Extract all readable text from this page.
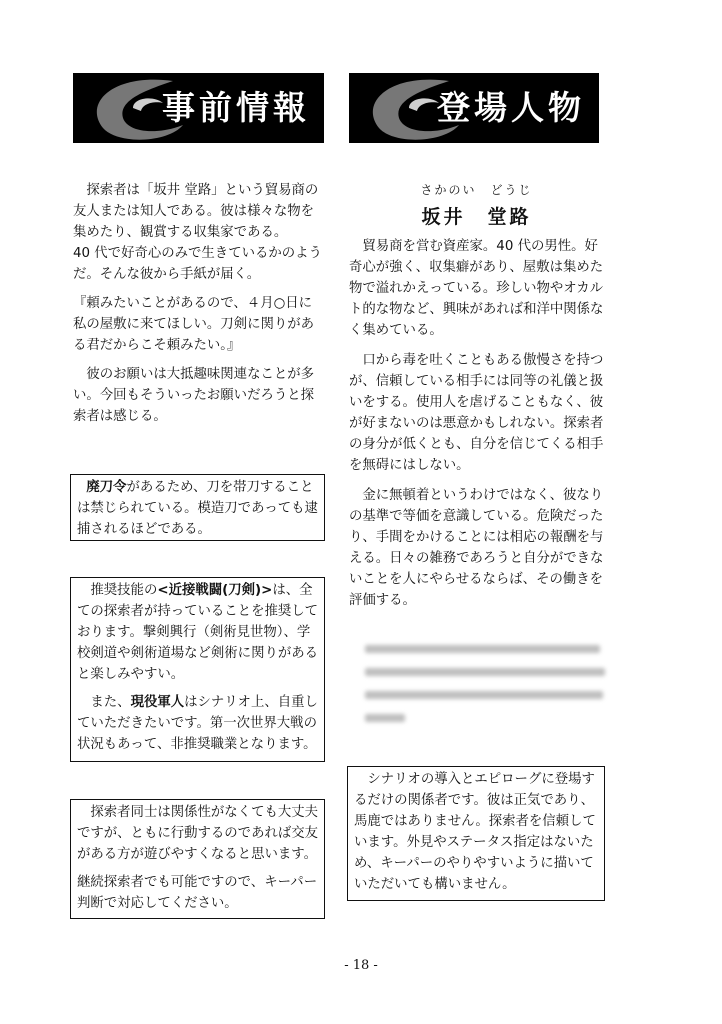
事前情報	登場人物

探索者は「坂井 堂路」という貿易商の友人または知人である。彼は様々な物を集めたり、観賞する収集家である。

40 代で好奇心のみで生きているかのようだ。そんな彼から手紙が届く。

『頼みたいことがあるので、４月○日に私の屋敷に来てほしい。刀剣に関りがある君だからこそ頼みたい。』

彼のお願いは大抵趣味関連なことが多い。今回もそういったお願いだろうと探索者は感じる。

廃刀令があるため、刀を帯刀することは禁じられている。模造刀であっても逮捕されるほどである。

推奨技能の<近接戦闘(刀剣)>は、全ての探索者が持っていることを推奨しております。撃剣興行（剣術見世物）、学校剣道や剣術道場など剣術に関りがあると楽しみやすい。

また、現役軍人はシナリオ上、自重していただきたいです。第一次世界大戦の状況もあって、非推奨職業となります。

探索者同士は関係性がなくても大丈夫ですが、ともに行動するのであれば交友がある方が遊びやすくなると思います。

継続探索者でも可能ですので、キーパー判断で対応してください。

さかのい　どうじ

坂井　堂路

貿易商を営む資産家。40 代の男性。好奇心が強く、収集癖があり、屋敷は集めた物で溢れかえっている。珍しい物やオカルト的な物など、興味があれば和洋中関係なく集めている。

口から毒を吐くこともある傲慢さを持つが、信頼している相手には同等の礼儀と扱いをする。使用人を虐げることもなく、彼が好まないのは悪意かもしれない。探索者の身分が低くとも、自分を信じてくる相手を無碍にはしない。

金に無頓着というわけではなく、彼なりの基準で等価を意識している。危険だったり、手間をかけることには相応の報酬を与える。日々の雑務であろうと自分ができないことを人にやらせるならば、その働きを評価する。

シナリオの導入とエピローグに登場するだけの関係者です。彼は正気であり、馬鹿ではありません。探索者を信頼しています。外見やステータス指定はないため、キーパーのやりやすいように描いていただいても構いません。

- 18 -
